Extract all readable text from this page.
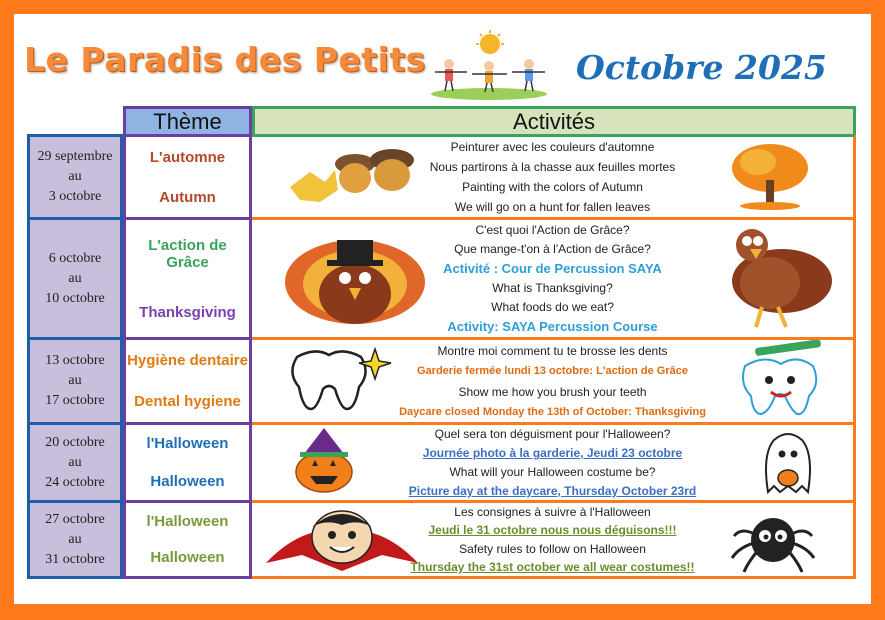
Le Paradis des Petits	Octobre 2025
Thème	Activités
29 septembre
au
3 octobre
L'automne
Autumn
Peinturer avec les couleurs d'automne
Nous partirons à la chasse aux feuilles mortes
Painting with the colors of Autumn
We will go on a hunt for fallen leaves
6 octobre
au
10 octobre
L'action de Grâce
Thanksgiving
C'est quoi l'Action de Grâce?
Que mange-t'on à l'Action de Grâce?
Activité : Cour de Percussion SAYA
What is Thanksgiving?
What foods do we eat?
Activity: SAYA Percussion Course
13 octobre
au
17 octobre
Hygiène dentaire
Dental hygiene
Montre moi comment tu te brosse les dents
Garderie fermée lundi 13 octobre: L'action de Grâce
Show me how you brush your teeth
Daycare closed Monday the 13th of October: Thanksgiving
20 octobre
au
24 octobre
l'Halloween
Halloween
Quel sera ton déguisment pour l'Halloween?
Journée photo à la garderie, Jeudi 23 octobre
What will your Halloween costume be?
Picture day at the daycare, Thursday October 23rd
27 octobre
au
31 octobre
l'Halloween
Halloween
Les consignes à suivre à l'Halloween
Jeudi le 31 octobre nous nous déguisons!!!
Safety rules to follow on Halloween
Thursday the 31st october we all wear costumes!!
